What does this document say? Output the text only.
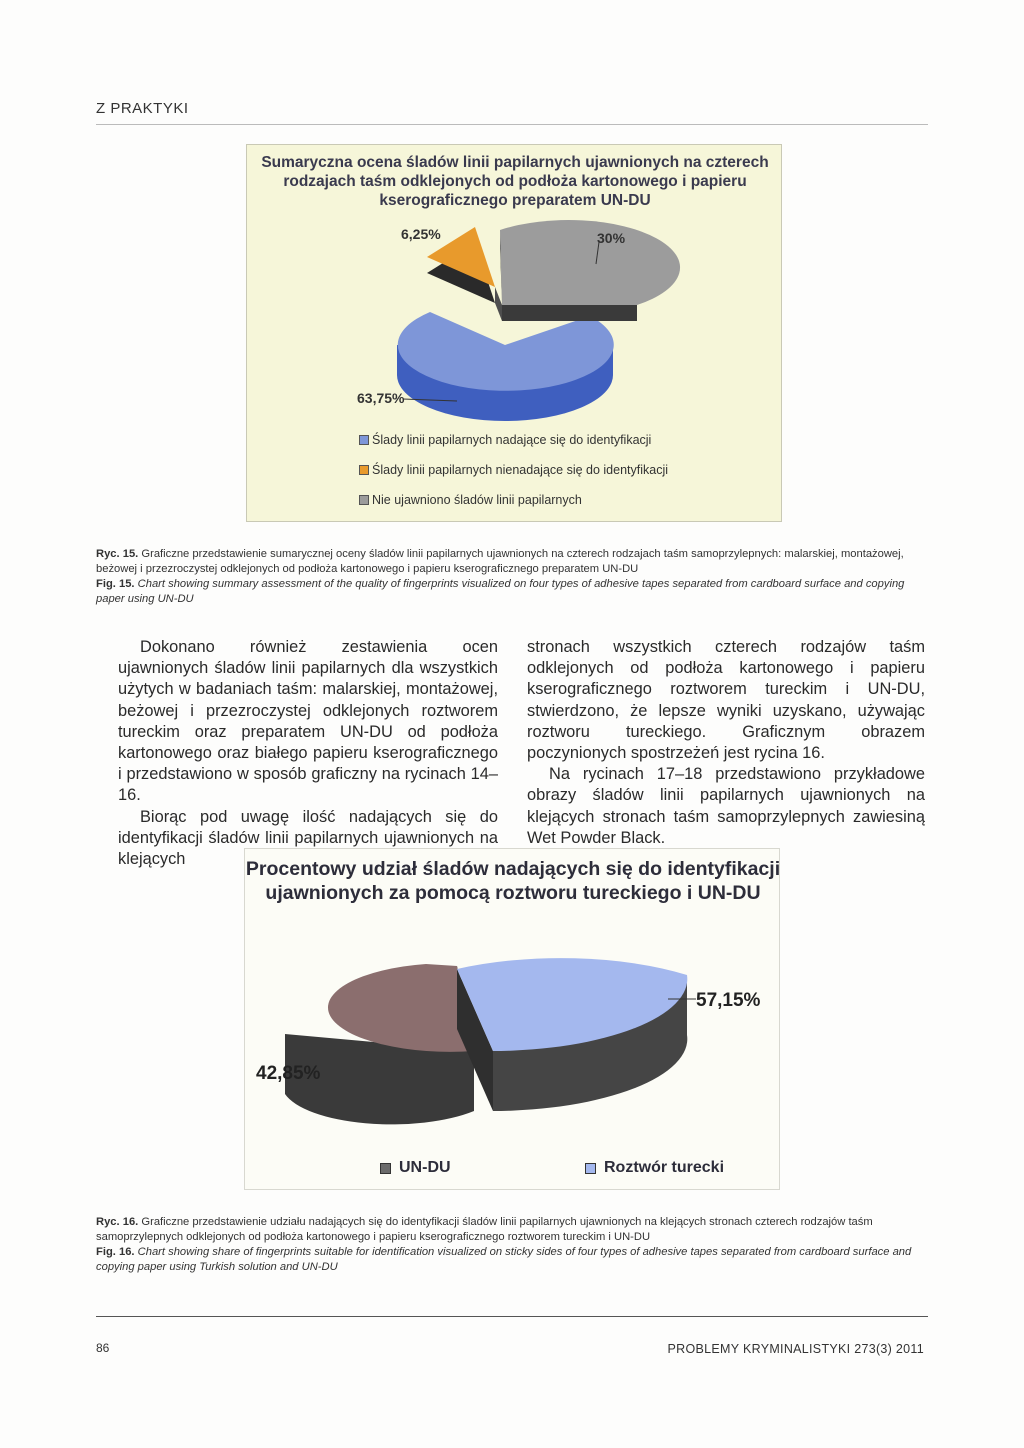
Z PRAKTYKI
6,25%	30%
63,75%
Sumaryczna ocena śladów linii papilarnych ujawnionych na czterech rodzajach taśm odklejonych od podłoża kartonowego i papieru kserograficznego preparatem UN-DU
Ślady linii papilarnych nadające się do identyfikacji
Ślady linii papilarnych nienadające się do identyfikacji
Nie ujawniono śladów linii papilarnych
Ryc. 15. Graficzne przedstawienie sumarycznej oceny śladów linii papilarnych ujawnionych na czterech rodzajach taśm samoprzylepnych: malarskiej, montażowej, beżowej i przezroczystej odklejonych od podłoża kartonowego i papieru kserograficznego preparatem UN-DU
Fig. 15. Chart showing summary assessment of the quality of fingerprints visualized on four types of adhesive tapes separated from cardboard surface and copying paper using UN-DU

Dokonano również zestawienia ocen ujawnionych śladów linii papilarnych dla wszystkich użytych w badaniach taśm: malarskiej, montażowej, beżowej i przezroczystej odklejonych roztworem tureckim oraz preparatem UN-DU od podłoża kartonowego oraz białego papieru kserograficznego i przedstawiono w sposób graficzny na rycinach 14–16.

Biorąc pod uwagę ilość nadających się do identyfikacji śladów linii papilarnych ujawnionych na klejących

stronach wszystkich czterech rodzajów taśm odklejonych od podłoża kartonowego i papieru kserograficznego roztworem tureckim i UN-DU, stwierdzono, że lepsze wyniki uzyskano, używając roztworu tureckiego. Graficznym obrazem poczynionych spostrzeżeń jest rycina 16.

Na rycinach 17–18 przedstawiono przykładowe obrazy śladów linii papilarnych ujawnionych na klejących stronach taśm samoprzylepnych zawiesiną Wet Powder Black.

57,15%
42,85%
Procentowy udział śladów nadających się do identyfikacji ujawnionych za pomocą roztworu tureckiego i UN-DU
UN-DU	Roztwór turecki
Ryc. 16. Graficzne przedstawienie udziału nadających się do identyfikacji śladów linii papilarnych ujawnionych na klejących stronach czterech rodzajów taśm samoprzylepnych odklejonych od podłoża kartonowego i papieru kserograficznego roztworem tureckim i UN-DU
Fig. 16. Chart showing share of fingerprints suitable for identification visualized on sticky sides of four types of adhesive tapes separated from cardboard surface and copying paper using Turkish solution and UN-DU
86	PROBLEMY KRYMINALISTYKI 273(3) 2011
